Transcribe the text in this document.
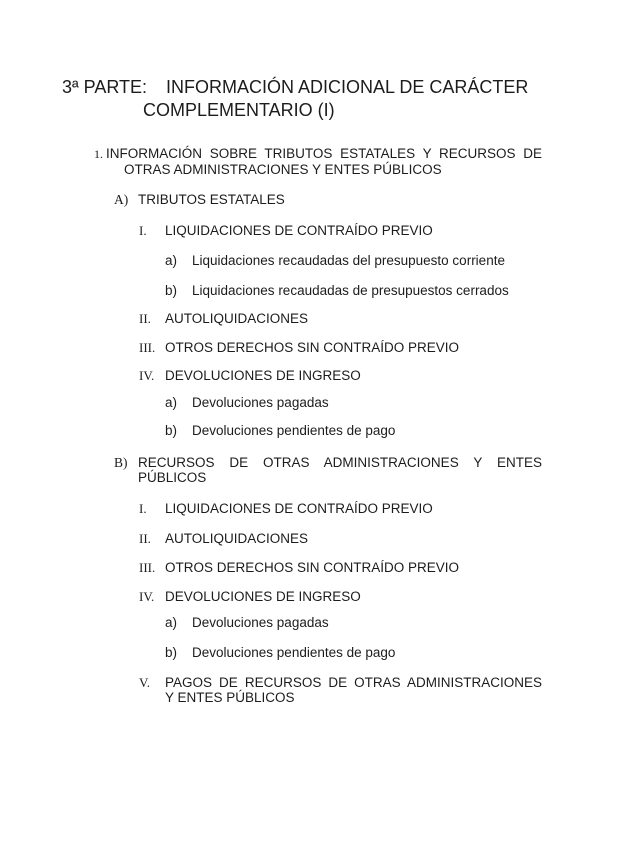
3ª PARTE:	INFORMACIÓN ADICIONAL DE CARÁCTER
COMPLEMENTARIO (I)
1. INFORMACIÓN SOBRE TRIBUTOS ESTATALES Y RECURSOS DE
OTRAS ADMINISTRACIONES Y ENTES PÚBLICOS
A) TRIBUTOS ESTATALES
I.	LIQUIDACIONES DE CONTRAÍDO PREVIO
a)	Liquidaciones recaudadas del presupuesto corriente
b)	Liquidaciones recaudadas de presupuestos cerrados
II.	AUTOLIQUIDACIONES
III. OTROS DERECHOS SIN CONTRAÍDO PREVIO
IV. DEVOLUCIONES DE INGRESO
a)	Devoluciones pagadas
b)	Devoluciones pendientes de pago
B) RECURSOS DE OTRAS ADMINISTRACIONES Y ENTES
PÚBLICOS
I.	LIQUIDACIONES DE CONTRAÍDO PREVIO
II.	AUTOLIQUIDACIONES
III. OTROS DERECHOS SIN CONTRAÍDO PREVIO
IV. DEVOLUCIONES DE INGRESO
a)	Devoluciones pagadas
b)	Devoluciones pendientes de pago
V.	PAGOS DE RECURSOS DE OTRAS ADMINISTRACIONES
Y ENTES PÚBLICOS
